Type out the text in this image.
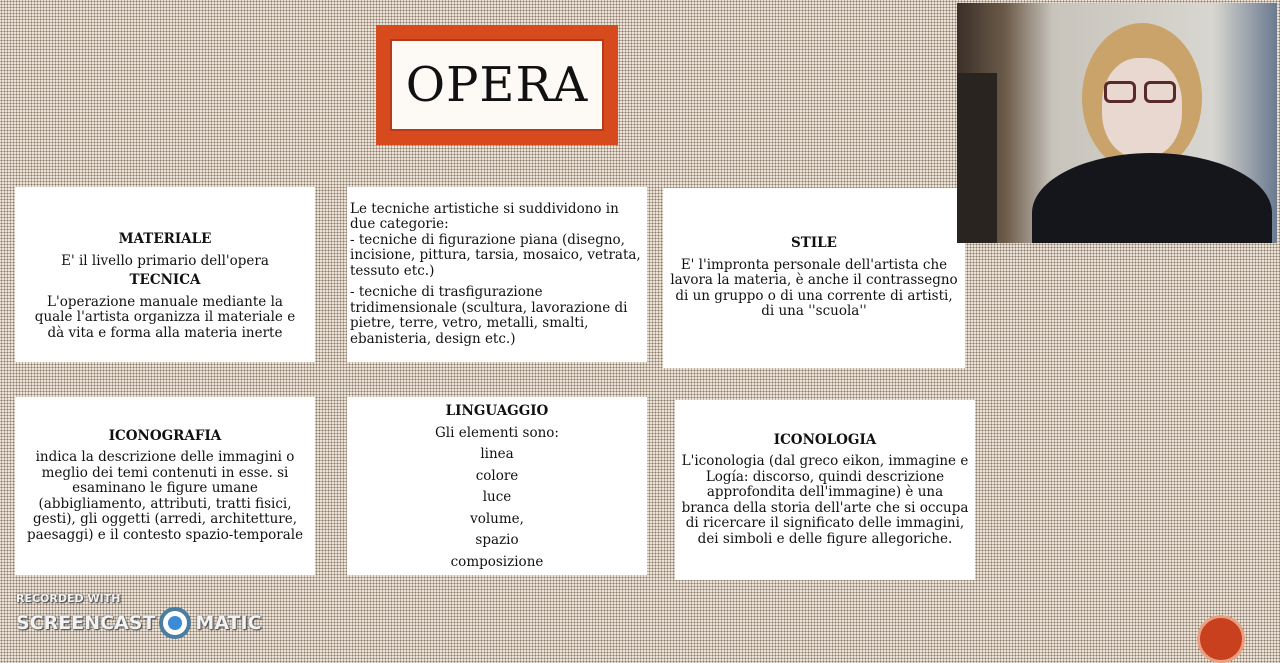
OPERA
MATERIALE
E' il livello primario dell'opera
TECNICA
L'operazione manuale mediante la quale l'artista organizza il materiale e dà vita e forma alla materia inerte

Le tecniche artistiche si suddividono in due categorie:

- tecniche di figurazione piana (disegno, incisione, pittura, tarsia, mosaico, vetrata, tessuto etc.)

- tecniche di trasfigurazione tridimensionale (scultura, lavorazione di pietre, terre, vetro, metalli, smalti, ebanisteria, design etc.)

STILE
E' l'impronta personale dell'artista che lavora la materia, è anche il contrassegno di un gruppo o di una corrente di artisti, di una ''scuola''
ICONOGRAFIA
indica la descrizione delle immagini o meglio dei temi contenuti in esse. si esaminano le figure umane (abbigliamento, attributi, tratti fisici, gesti), gli oggetti (arredi, architetture, paesaggi) e il contesto spazio-temporale
LINGUAGGIO
Gli elementi sono:
linea
colore
luce
volume,
spazio
composizione
ICONOLOGIA
L'iconologia (dal greco eikon, immagine e Logía: discorso, quindi descrizione approfondita dell'immagine) è una branca della storia dell'arte che si occupa di ricercare il significato delle immagini, dei simboli e delle figure allegoriche.
RECORDED WITH
SCREENCAST MATIC
